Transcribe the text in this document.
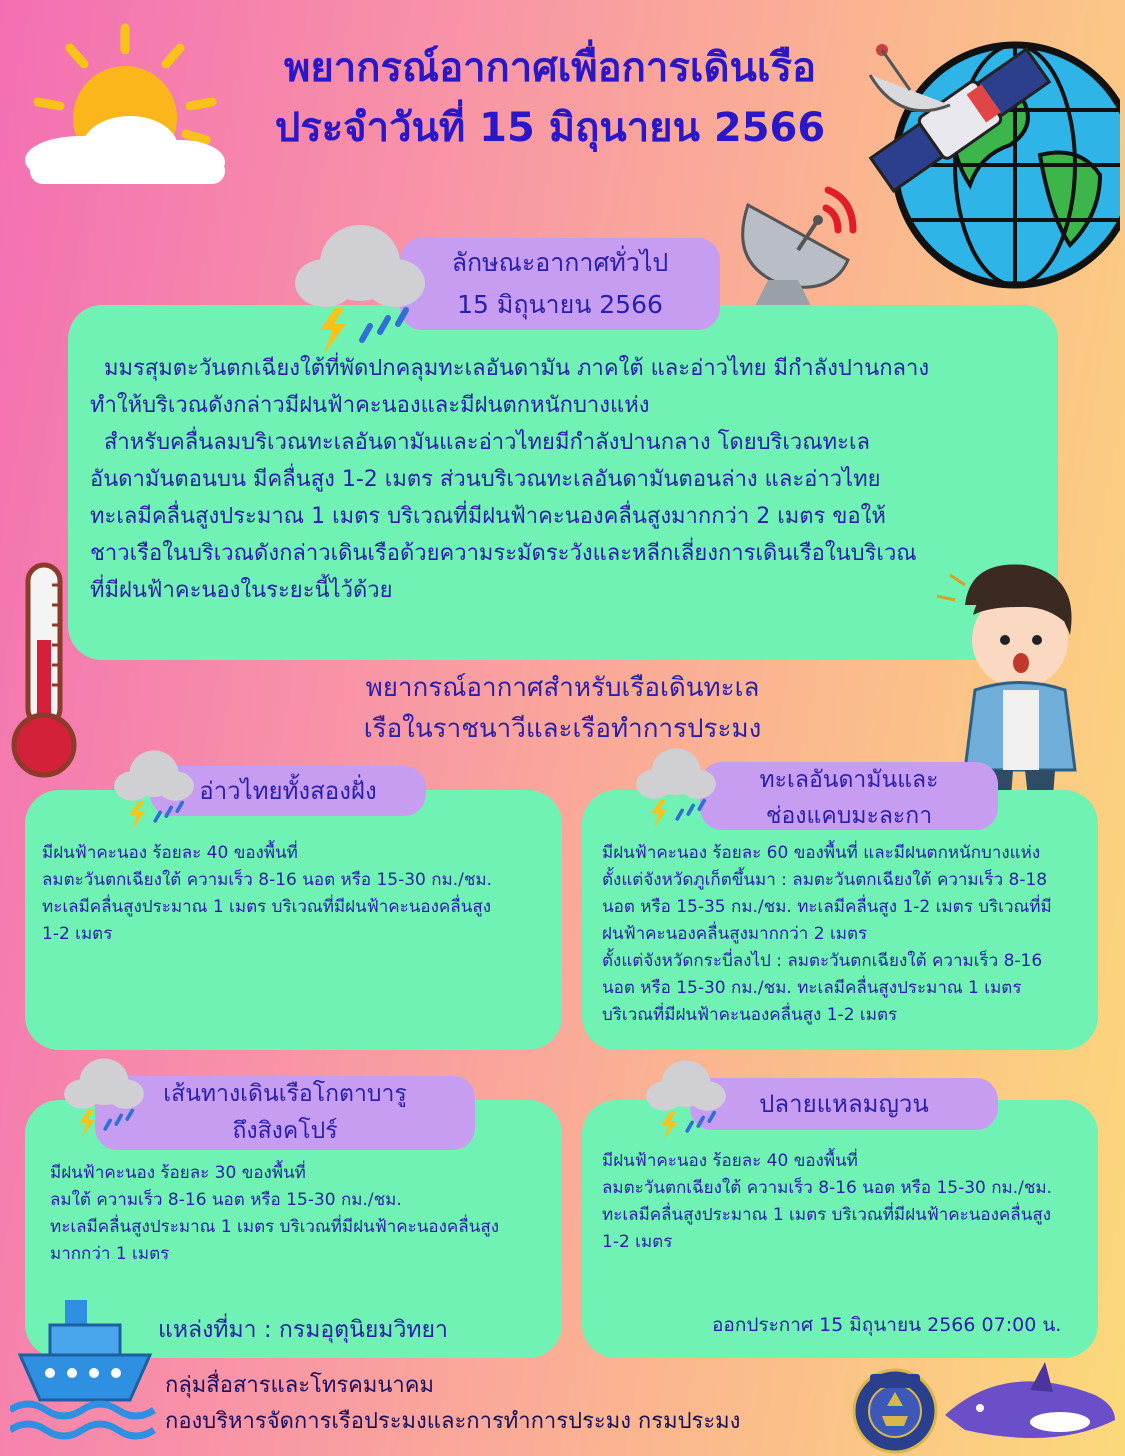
พยากรณ์อากาศเพื่อการเดินเรือ
ประจำวันที่ 15 มิถุนายน 2566
ลักษณะอากาศทั่วไป
15 มิถุนายน 2566
มมรสุมตะวันตกเฉียงใต้ที่พัดปกคลุมทะเลอันดามัน ภาคใต้ และอ่าวไทย มีกำลังปานกลาง
ทำให้บริเวณดังกล่าวมีฝนฟ้าคะนองและมีฝนตกหนักบางแห่ง
สำหรับคลื่นลมบริเวณทะเลอันดามันและอ่าวไทยมีกำลังปานกลาง โดยบริเวณทะเล
อันดามันตอนบน มีคลื่นสูง 1-2 เมตร ส่วนบริเวณทะเลอันดามันตอนล่าง และอ่าวไทย
ทะเลมีคลื่นสูงประมาณ 1 เมตร บริเวณที่มีฝนฟ้าคะนองคลื่นสูงมากกว่า 2 เมตร ขอให้
ชาวเรือในบริเวณดังกล่าวเดินเรือด้วยความระมัดระวังและหลีกเลี่ยงการเดินเรือในบริเวณ
ที่มีฝนฟ้าคะนองในระยะนี้ไว้ด้วย
พยากรณ์อากาศสำหรับเรือเดินทะเล
เรือในราชนาวีและเรือทำการประมง
อ่าวไทยทั้งสองฝั่ง
มีฝนฟ้าคะนอง ร้อยละ 40 ของพื้นที่
ลมตะวันตกเฉียงใต้ ความเร็ว 8-16 นอต หรือ 15-30 กม./ชม.
ทะเลมีคลื่นสูงประมาณ 1 เมตร บริเวณที่มีฝนฟ้าคะนองคลื่นสูง
1-2 เมตร
ทะเลอันดามันและ
ช่องแคบมะละกา
มีฝนฟ้าคะนอง ร้อยละ 60 ของพื้นที่ และมีฝนตกหนักบางแห่ง
ตั้งแต่จังหวัดภูเก็ตขึ้นมา : ลมตะวันตกเฉียงใต้ ความเร็ว 8-18
นอต หรือ 15-35 กม./ชม. ทะเลมีคลื่นสูง 1-2 เมตร บริเวณที่มี
ฝนฟ้าคะนองคลื่นสูงมากกว่า 2 เมตร
ตั้งแต่จังหวัดกระบี่ลงไป : ลมตะวันตกเฉียงใต้ ความเร็ว 8-16
นอต หรือ 15-30 กม./ชม. ทะเลมีคลื่นสูงประมาณ 1 เมตร
บริเวณที่มีฝนฟ้าคะนองคลื่นสูง 1-2 เมตร
เส้นทางเดินเรือโกตาบารู
ถึงสิงคโปร์
มีฝนฟ้าคะนอง ร้อยละ 30 ของพื้นที่
ลมใต้ ความเร็ว 8-16 นอต หรือ 15-30 กม./ชม.
ทะเลมีคลื่นสูงประมาณ 1 เมตร บริเวณที่มีฝนฟ้าคะนองคลื่นสูง
มากกว่า 1 เมตร
แหล่งที่มา : กรมอุตุนิยมวิทยา
ปลายแหลมญวน
มีฝนฟ้าคะนอง ร้อยละ 40 ของพื้นที่
ลมตะวันตกเฉียงใต้ ความเร็ว 8-16 นอต หรือ 15-30 กม./ชม.
ทะเลมีคลื่นสูงประมาณ 1 เมตร บริเวณที่มีฝนฟ้าคะนองคลื่นสูง
1-2 เมตร
ออกประกาศ 15 มิถุนายน 2566 07:00 น.
กลุ่มสื่อสารและโทรคมนาคม
กองบริหารจัดการเรือประมงและการทำการประมง กรมประมง
